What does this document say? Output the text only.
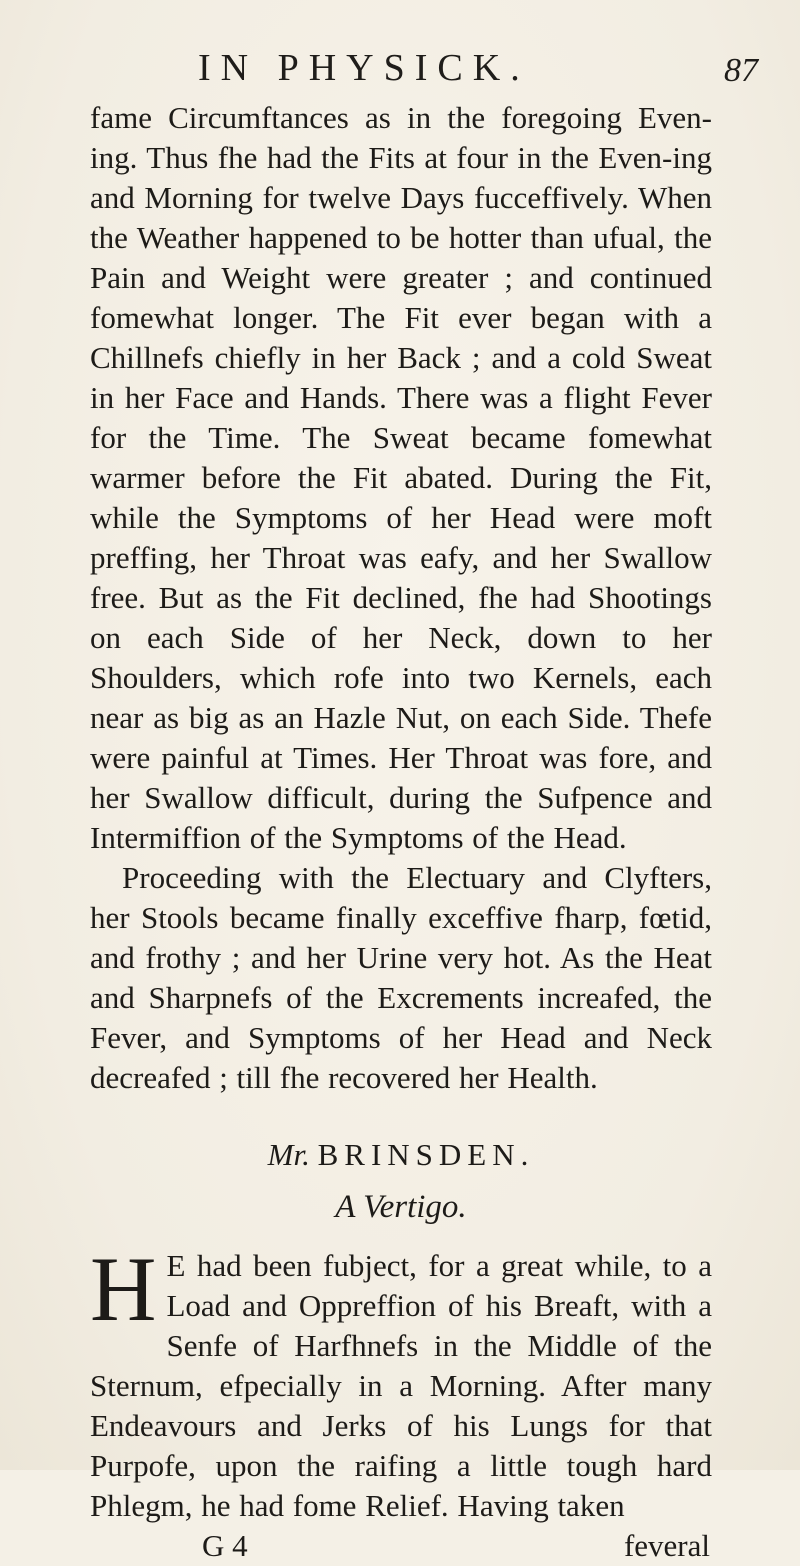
IN PHYSICK.	87

fame Circumftances as in the foregoing Even-ing. Thus fhe had the Fits at four in the Even-ing and Morning for twelve Days fucceffively. When the Weather happened to be hotter than ufual, the Pain and Weight were greater ; and continued fomewhat longer. The Fit ever began with a Chillnefs chiefly in her Back ; and a cold Sweat in her Face and Hands. There was a flight Fever for the Time. The Sweat became fomewhat warmer before the Fit abated. During the Fit, while the Symptoms of her Head were moft preffing, her Throat was eafy, and her Swallow free. But as the Fit declined, fhe had Shootings on each Side of her Neck, down to her Shoulders, which rofe into two Kernels, each near as big as an Hazle Nut, on each Side. Thefe were painful at Times. Her Throat was fore, and her Swallow difficult, during the Sufpence and Intermiffion of the Symptoms of the Head.

Proceeding with the Electuary and Clyfters, her Stools became finally exceffive fharp, fœtid, and frothy ; and her Urine very hot. As the Heat and Sharpnefs of the Excrements increafed, the Fever, and Symptoms of her Head and Neck decreafed ; till fhe recovered her Health.

Mr. BRINSDEN.
A Vertigo.
H E had been fubject, for a great while, to a Load and Oppreffion of his Breaft, with a Senfe of Harfhnefs in the Middle of the Sternum, efpecially in a Morning. After many Endeavours and Jerks of his Lungs for that Purpofe, upon the raifing a little tough hard Phlegm, he had fome Relief. Having taken

G 4	feveral
